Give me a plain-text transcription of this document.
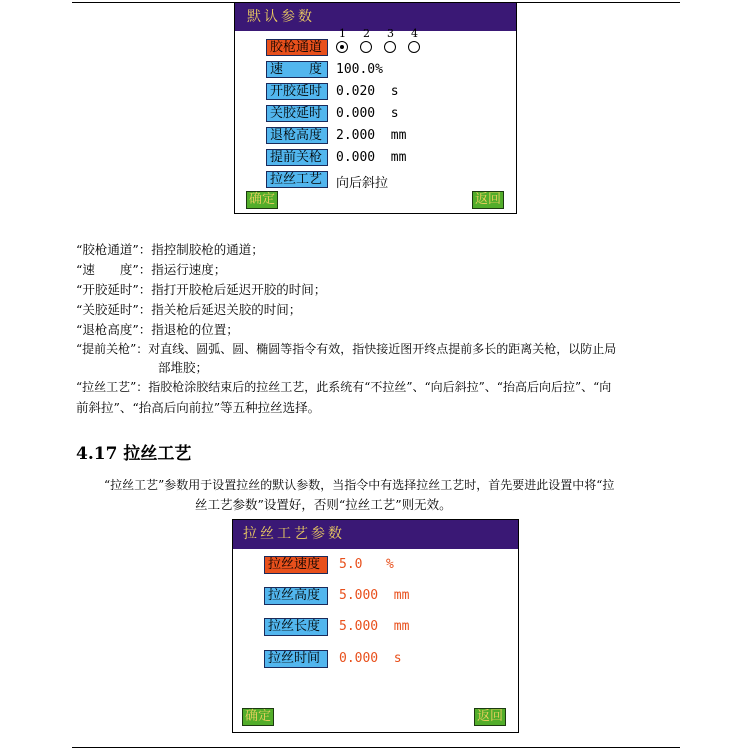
默认参数
1 2 3 4
胶枪通道
速　　度	100.0%
开胶延时	0.020  s
关胶延时	0.000  s
退枪高度	2.000  mm
提前关枪	0.000  mm
拉丝工艺	向后斜拉
确定	返回
“胶枪通道”：指控制胶枪的通道；
“速　　度”：指运行速度；
“开胶延时”：指打开胶枪后延迟开胶的时间；
“关胶延时”：指关枪后延迟关胶的时间；
“退枪高度”：指退枪的位置；
“提前关枪”：对直线、圆弧、圆、椭圆等指令有效，指快接近图开终点提前多长的距离关枪，以防止局
部堆胶；
“拉丝工艺”：指胶枪涂胶结束后的拉丝工艺，此系统有“不拉丝”、“向后斜拉”、“抬高后向后拉”、“向
前斜拉”、“抬高后向前拉”等五种拉丝选择。
4.17 拉丝工艺
“拉丝工艺”参数用于设置拉丝的默认参数，当指令中有选择拉丝工艺时，首先要进此设置中将“拉
丝工艺参数”设置好，否则“拉丝工艺”则无效。
拉丝工艺参数
拉丝速度	5.0   %
拉丝高度	5.000  mm
拉丝长度	5.000  mm
拉丝时间	0.000  s
确定	返回
